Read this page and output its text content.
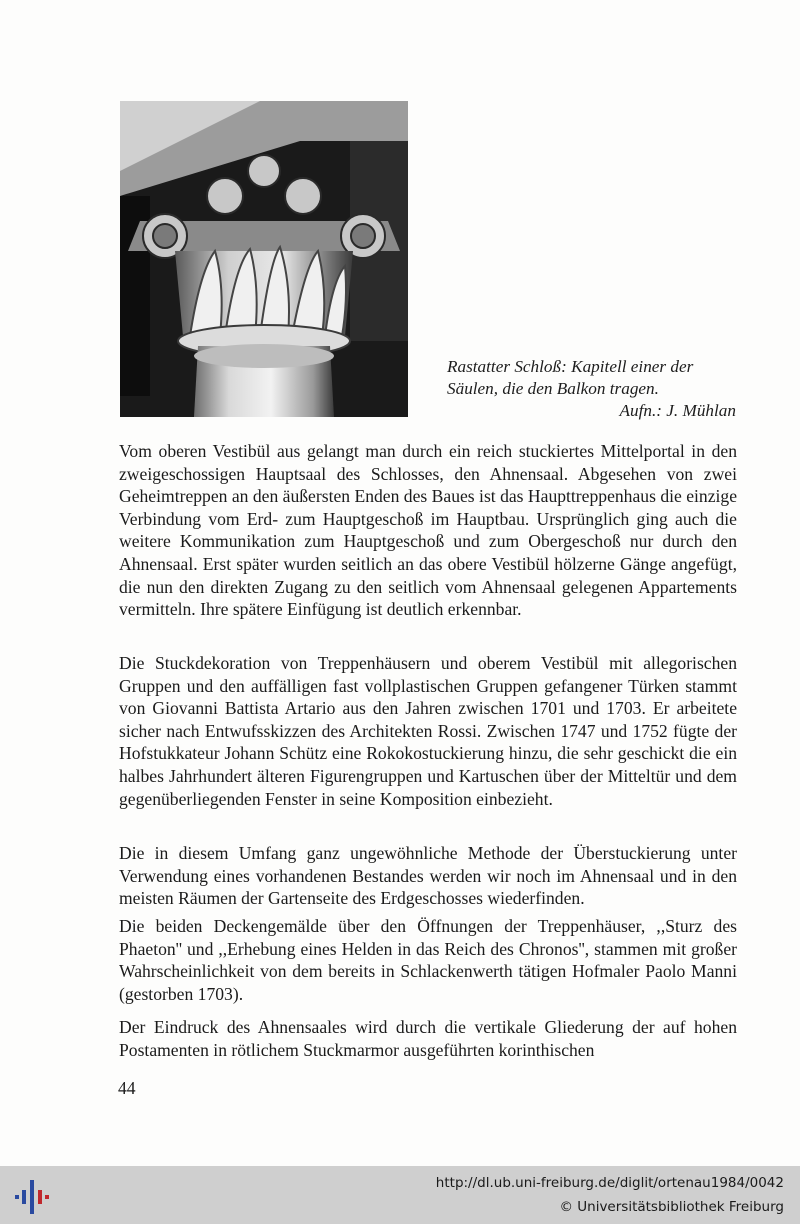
Rastatter Schloß: Kapitell einer der
Säulen, die den Balkon tragen.
Aufn.: J. Mühlan

Vom oberen Vestibül aus gelangt man durch ein reich stuckiertes Mittelportal in den zweigeschossigen Hauptsaal des Schlosses, den Ahnensaal. Abgesehen von zwei Geheimtreppen an den äußersten Enden des Baues ist das Haupttreppenhaus die einzige Verbindung vom Erd- zum Hauptgeschoß im Hauptbau. Ursprünglich ging auch die weitere Kommunikation zum Hauptgeschoß und zum Obergeschoß nur durch den Ahnensaal. Erst später wurden seitlich an das obere Vestibül hölzerne Gänge angefügt, die nun den direkten Zugang zu den seitlich vom Ahnensaal gelegenen Appartements vermitteln. Ihre spätere Einfügung ist deutlich erkennbar.

Die Stuckdekoration von Treppenhäusern und oberem Vestibül mit allegorischen Gruppen und den auffälligen fast vollplastischen Gruppen gefangener Türken stammt von Giovanni Battista Artario aus den Jahren zwischen 1701 und 1703. Er arbeitete sicher nach Entwufsskizzen des Architekten Rossi. Zwischen 1747 und 1752 fügte der Hofstukkateur Johann Schütz eine Rokokostuckierung hinzu, die sehr geschickt die ein halbes Jahrhundert älteren Figurengruppen und Kartuschen über der Mitteltür und dem gegenüberliegenden Fenster in seine Komposition einbezieht.

Die in diesem Umfang ganz ungewöhnliche Methode der Überstuckierung unter Verwendung eines vorhandenen Bestandes werden wir noch im Ahnensaal und in den meisten Räumen der Gartenseite des Erdgeschosses wiederfinden.

Die beiden Deckengemälde über den Öffnungen der Treppenhäuser, ,,Sturz des Phaeton'' und ,,Erhebung eines Helden in das Reich des Chronos'', stammen mit großer Wahrscheinlichkeit von dem bereits in Schlackenwerth tätigen Hofmaler Paolo Manni (gestorben 1703).

Der Eindruck des Ahnensaales wird durch die vertikale Gliederung der auf hohen Postamenten in rötlichem Stuckmarmor ausgeführten korinthischen

44
http://dl.ub.uni-freiburg.de/diglit/ortenau1984/0042
© Universitätsbibliothek Freiburg
